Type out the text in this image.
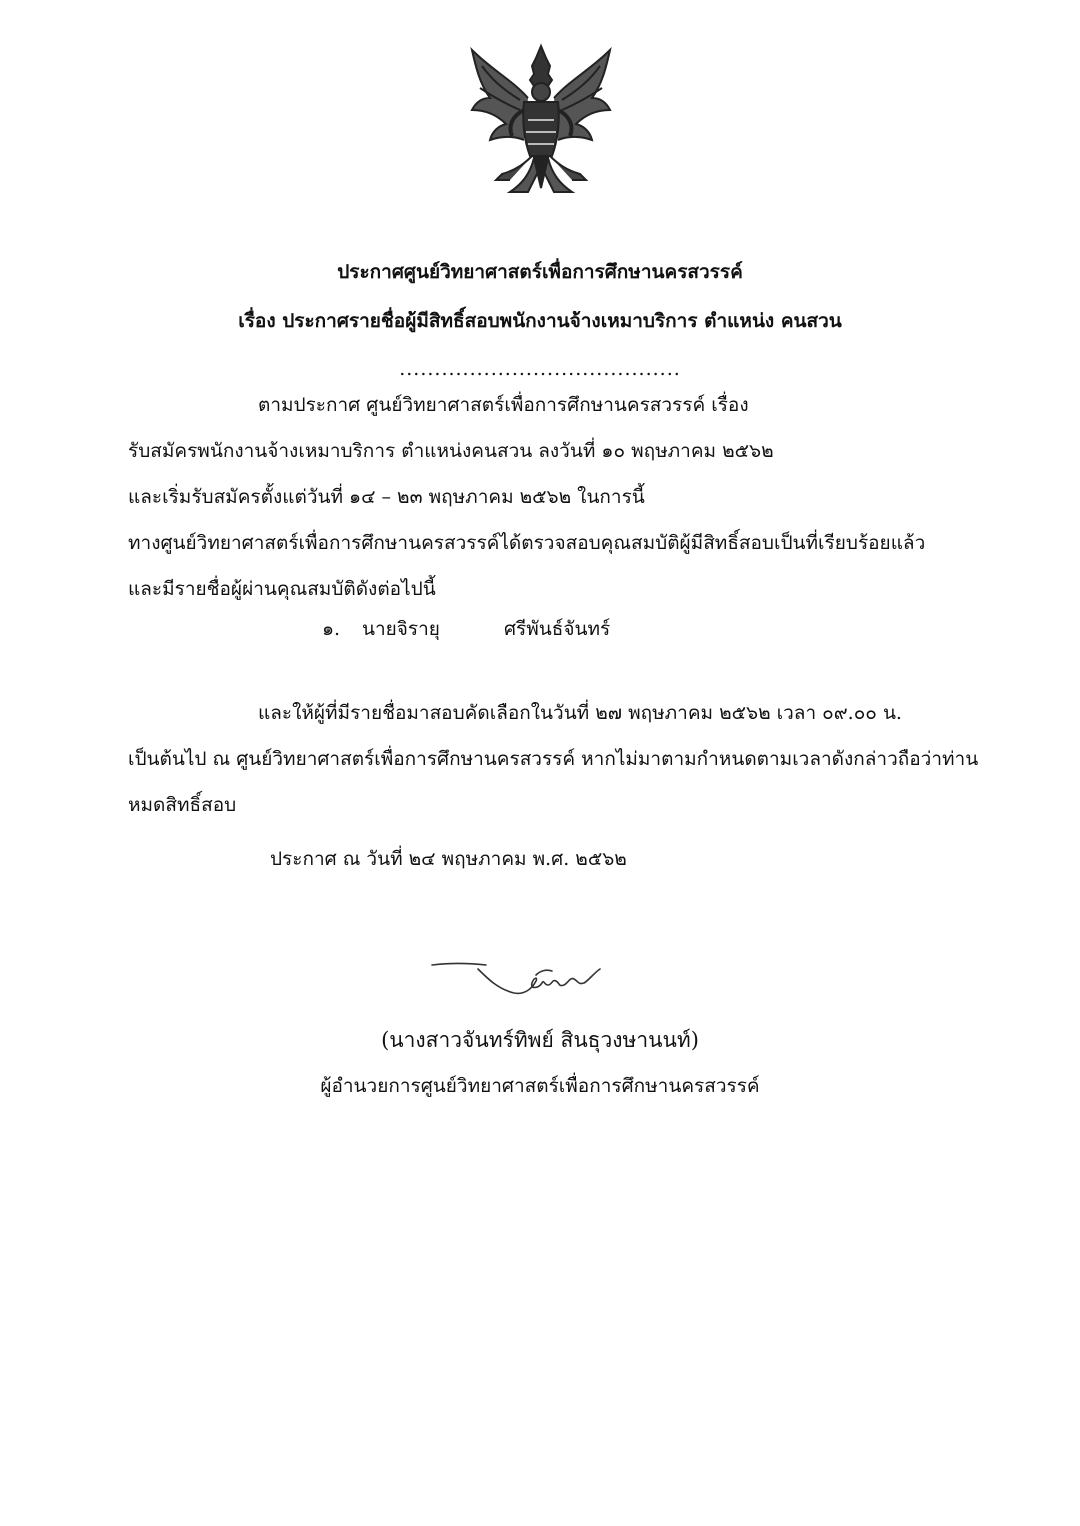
ประกาศศูนย์วิทยาศาสตร์เพื่อการศึกษานครสวรรค์
เรื่อง ประกาศรายชื่อผู้มีสิทธิ์สอบพนักงานจ้างเหมาบริการ ตำแหน่ง คนสวน
........................................
ตามประกาศ ศูนย์วิทยาศาสตร์เพื่อการศึกษานครสวรรค์ เรื่อง
รับสมัครพนักงานจ้างเหมาบริการ ตำแหน่งคนสวน ลงวันที่ ๑๐ พฤษภาคม ๒๕๖๒
และเริ่มรับสมัครตั้งแต่วันที่ ๑๔ – ๒๓ พฤษภาคม ๒๕๖๒ ในการนี้
ทางศูนย์วิทยาศาสตร์เพื่อการศึกษานครสวรรค์ได้ตรวจสอบคุณสมบัติผู้มีสิทธิ์สอบเป็นที่เรียบร้อยแล้ว
และมีรายชื่อผู้ผ่านคุณสมบัติดังต่อไปนี้
๑. นายจิรายุ	ศรีพันธ์จันทร์
และให้ผู้ที่มีรายชื่อมาสอบคัดเลือกในวันที่ ๒๗ พฤษภาคม ๒๕๖๒ เวลา ๐๙.๐๐ น.
เป็นต้นไป ณ ศูนย์วิทยาศาสตร์เพื่อการศึกษานครสวรรค์ หากไม่มาตามกำหนดตามเวลาดังกล่าวถือว่าท่าน
หมดสิทธิ์สอบ
ประกาศ ณ วันที่ ๒๔ พฤษภาคม พ.ศ. ๒๕๖๒
(นางสาวจันทร์ทิพย์ สินธุวงษานนท์)
ผู้อำนวยการศูนย์วิทยาศาสตร์เพื่อการศึกษานครสวรรค์
